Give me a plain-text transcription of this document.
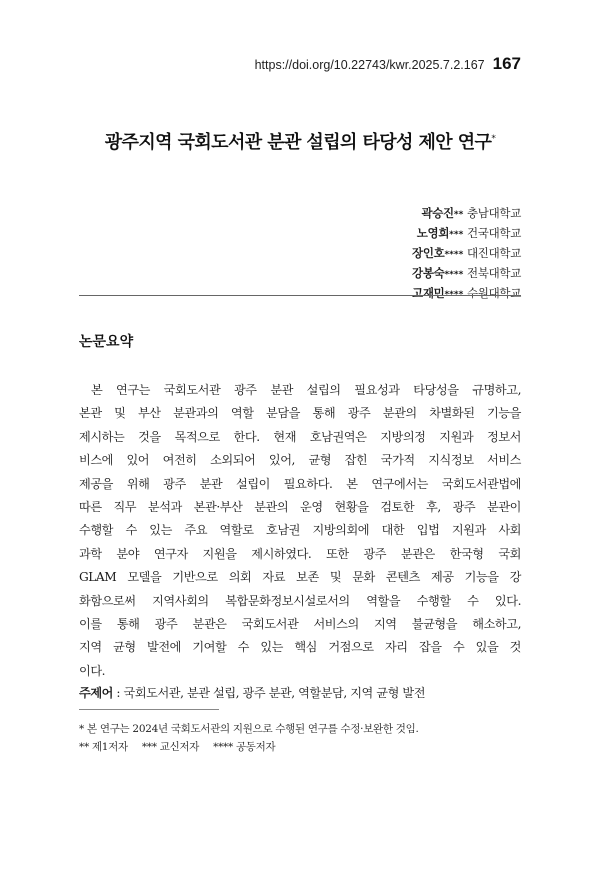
https://doi.org/10.22743/kwr.2025.7.2.167 167
광주지역 국회도서관 분관 설립의 타당성 제안 연구*
곽승진** 충남대학교
노영희*** 건국대학교
장인호**** 대진대학교
강봉숙**** 전북대학교
고재민**** 수원대학교
논문요약
본 연구는 국회도서관 광주 분관 설립의 필요성과 타당성을 규명하고,
본관 및 부산 분관과의 역할 분담을 통해 광주 분관의 차별화된 기능을
제시하는 것을 목적으로 한다. 현재 호남권역은 지방의정 지원과 정보서
비스에 있어 여전히 소외되어 있어, 균형 잡힌 국가적 지식정보 서비스
제공을 위해 광주 분관 설립이 필요하다. 본 연구에서는 국회도서관법에
따른 직무 분석과 본관·부산 분관의 운영 현황을 검토한 후, 광주 분관이
수행할 수 있는 주요 역할로 호남권 지방의회에 대한 입법 지원과 사회
과학 분야 연구자 지원을 제시하였다. 또한 광주 분관은 한국형 국회
GLAM 모델을 기반으로 의회 자료 보존 및 문화 콘텐츠 제공 기능을 강
화함으로써 지역사회의 복합문화정보시설로서의 역할을 수행할 수 있다.
이를 통해 광주 분관은 국회도서관 서비스의 지역 불균형을 해소하고,
지역 균형 발전에 기여할 수 있는 핵심 거점으로 자리 잡을 수 있을 것
이다.
주제어 : 국회도서관, 분관 설립, 광주 분관, 역할분담, 지역 균형 발전
* 본 연구는 2024년 국회도서관의 지원으로 수행된 연구를 수정·보완한 것임.
** 제1저자 *** 교신저자 **** 공동저자
